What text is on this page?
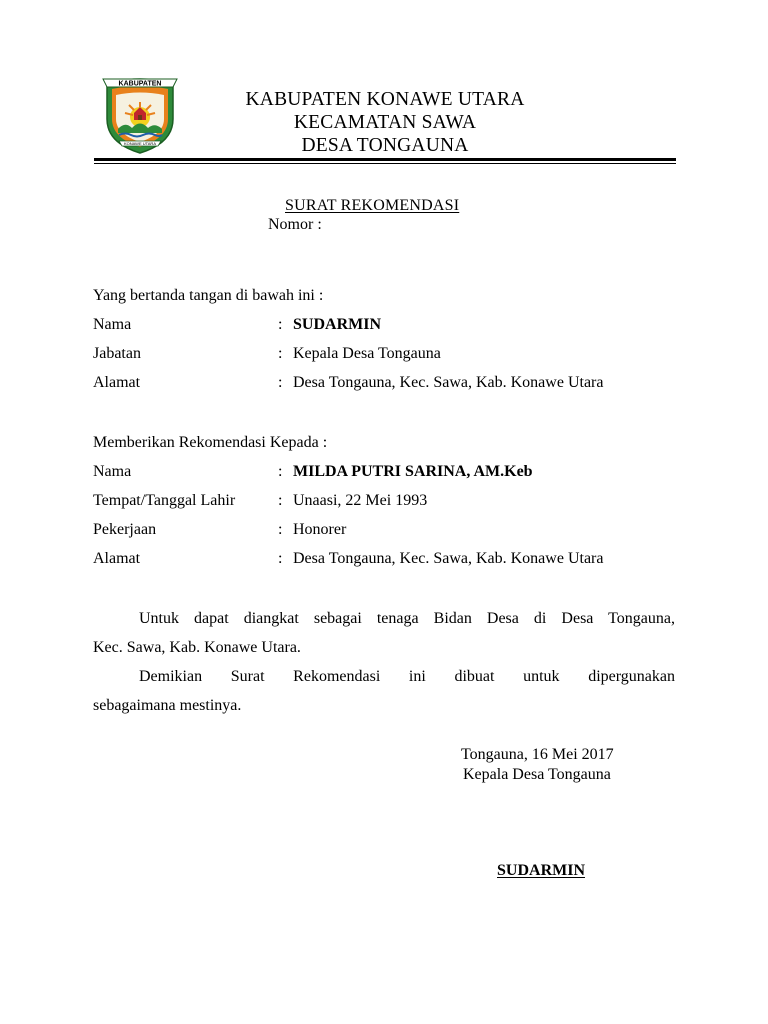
KABUPATEN
KONAWE UTARA
KABUPATEN KONAWE UTARA
KECAMATAN SAWA
DESA TONGAUNA
SURAT REKOMENDASI
Nomor :
Yang bertanda tangan di bawah ini :
Nama	: SUDARMIN
Jabatan	: Kepala Desa Tongauna
Alamat	: Desa Tongauna, Kec. Sawa, Kab. Konawe Utara
Memberikan Rekomendasi Kepada :
Nama	: MILDA PUTRI SARINA, AM.Keb
Tempat/Tanggal Lahir	: Unaasi, 22 Mei 1993
Pekerjaan	: Honorer
Alamat	: Desa Tongauna, Kec. Sawa, Kab. Konawe Utara
Untuk dapat diangkat sebagai tenaga Bidan Desa di Desa Tongauna,
Kec. Sawa, Kab. Konawe Utara.
Demikian Surat Rekomendasi ini dibuat untuk dipergunakan
sebagaimana mestinya.
Tongauna, 16 Mei 2017
Kepala Desa Tongauna
SUDARMIN
